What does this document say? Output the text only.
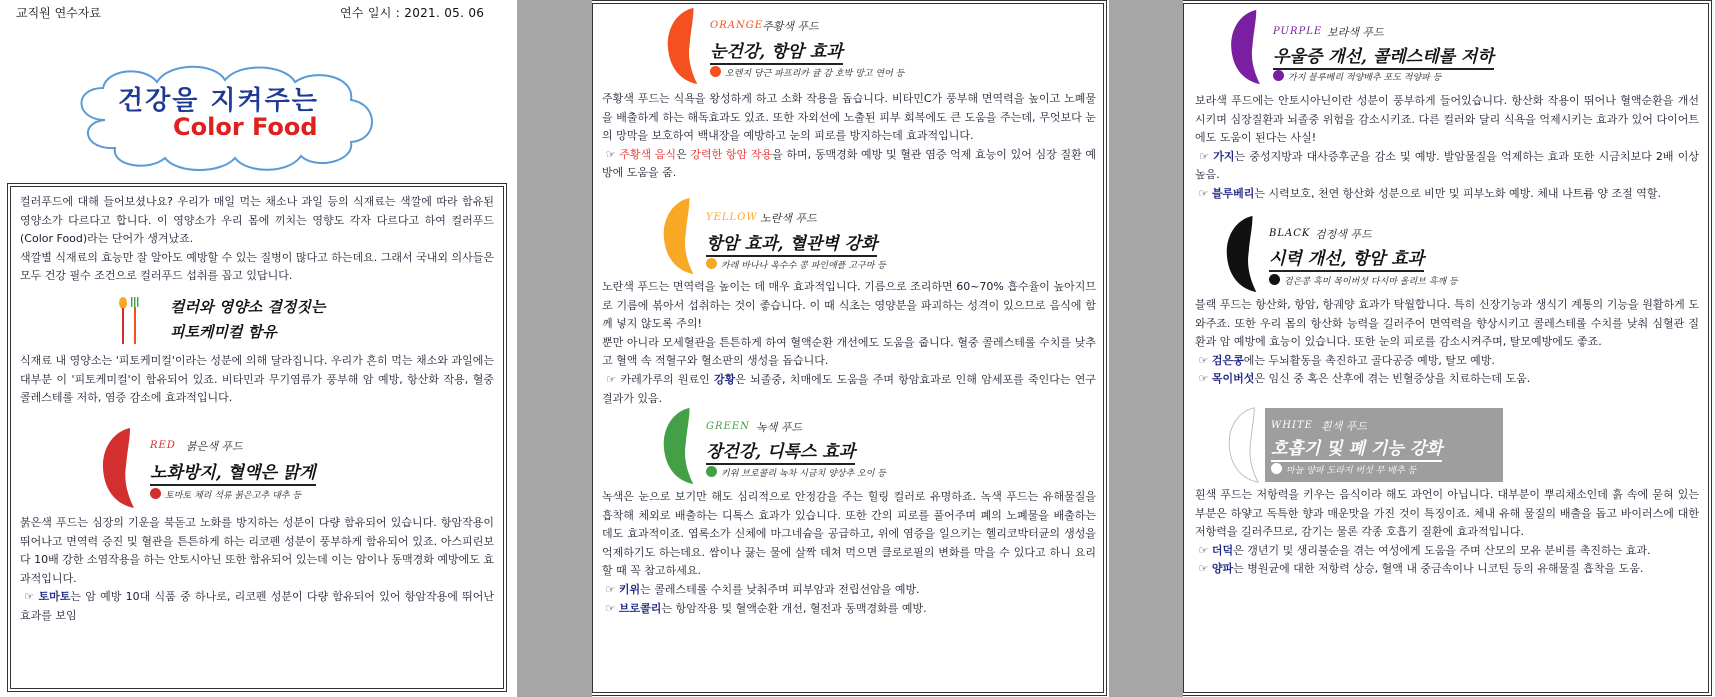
교직원 연수자료	연수 일시 : 2021. 05. 06
건강을 지켜주는
Color Food

컬러푸드에 대해 들어보셨나요? 우리가 매일 먹는 채소나 과일 등의 식재료는 색깔에 따라 함유된 영양소가 다르다고 합니다. 이 영양소가 우리 몸에 끼치는 영향도 각자 다르다고 하여 컬러푸드(Color Food)라는 단어가 생겨났죠.

색깔별 식재료의 효능만 잘 알아도 예방할 수 있는 질병이 많다고 하는데요. 그래서 국내외 의사들은 모두 건강 필수 조건으로 컬러푸드 섭취를 꼽고 있답니다.

컬러와 영양소 결정짓는
피토케미컬 함유

식재료 내 영양소는 '피토케미컬'이라는 성분에 의해 달라집니다. 우리가 흔히 먹는 채소와 과일에는 대부분 이 '피토케미컬'이 함유되어 있죠. 비타민과 무기염류가 풍부해 암 예방, 항산화 작용, 혈중 콜레스테롤 저하, 염증 감소에 효과적입니다.

RED 붉은색 푸드
노화방지, 혈액은 맑게
토마토 체리 석류 붉은고추 대추 등

붉은색 푸드는 심장의 기운을 북돋고 노화를 방지하는 성분이 다량 함유되어 있습니다. 항암작용이 뛰어나고 면역력 증진 및 혈관을 튼튼하게 하는 리코펜 성분이 풍부하게 함유되어 있죠. 아스피린보다 10배 강한 소염작용을 하는 안토시아닌 또한 함유되어 있는데 이는 암이나 동맥경화 예방에도 효과적입니다.

☞ 토마토는 암 예방 10대 식품 중 하나로, 리코펜 성분이 다량 함유되어 있어 항암작용에 뛰어난 효과를 보임

ORANGE 주황색 푸드
눈건강, 항암 효과
오렌지 당근 파프리카 귤 감 호박 망고 연어 등

주황색 푸드는 식욕을 왕성하게 하고 소화 작용을 돕습니다. 비타민C가 풍부해 면역력을 높이고 노폐물을 배출하게 하는 해독효과도 있죠. 또한 자외선에 노출된 피부 회복에도 큰 도움을 주는데, 무엇보다 눈의 망막을 보호하여 백내장을 예방하고 눈의 피로를 방지하는데 효과적입니다.

☞ 주황색 음식은 강력한 항암 작용을 하며, 동맥경화 예방 및 혈관 염증 억제 효능이 있어 심장 질환 예방에 도움을 줌.

YELLOW 노란색 푸드
항암 효과, 혈관벽 강화
카레 바나나 옥수수 콩 파인애플 고구마 등

노란색 푸드는 면역력을 높이는 데 매우 효과적입니다. 기름으로 조리하면 60~70% 흡수율이 높아지므로 기름에 볶아서 섭취하는 것이 좋습니다. 이 때 식초는 영양분을 파괴하는 성격이 있으므로 음식에 함께 넣지 않도록 주의!

뿐만 아니라 모세혈관을 튼튼하게 하여 혈액순환 개선에도 도움을 줍니다. 혈중 콜레스테롤 수치를 낮추고 혈액 속 적혈구와 혈소판의 생성을 돕습니다.

☞ 카레가루의 원료인 강황은 뇌졸중, 치매에도 도움을 주며 항암효과로 인해 암세포를 죽인다는 연구결과가 있음.

GREEN 녹색 푸드
장건강, 디톡스 효과
키위 브로콜리 녹차 시금치 양상추 오이 등

녹색은 눈으로 보기만 해도 심리적으로 안정감을 주는 힐링 컬러로 유명하죠. 녹색 푸드는 유해물질을 흡착해 체외로 배출하는 디톡스 효과가 있습니다. 또한 간의 피로를 풀어주며 폐의 노폐물을 배출하는 데도 효과적이죠. 엽록소가 신체에 마그네슘을 공급하고, 위에 염증을 일으키는 헬리코박터균의 생성을 억제하기도 하는데요. 쌈이나 끓는 물에 살짝 데쳐 먹으면 클로로필의 변화를 막을 수 있다고 하니 요리할 때 꼭 참고하세요.

☞ 키위는 콜레스테롤 수치를 낮춰주며 피부암과 전립선암을 예방.

☞ 브로콜리는 항암작용 및 혈액순환 개선, 혈전과 동맥경화를 예방.

PURPLE 보라색 푸드
우울증 개선, 콜레스테롤 저하
가지 블루베리 적양배추 포도 적양파 등

보라색 푸드에는 안토시아닌이란 성분이 풍부하게 들어있습니다. 항산화 작용이 뛰어나 혈액순환을 개선시키며 심장질환과 뇌졸중 위험을 감소시키죠. 다른 컬러와 달리 식욕을 억제시키는 효과가 있어 다이어트에도 도움이 된다는 사실!

☞ 가지는 중성지방과 대사증후군을 감소 및 예방. 발암물질을 억제하는 효과 또한 시금치보다 2배 이상 높음.

☞ 블루베리는 시력보호, 천연 항산화 성분으로 비만 및 피부노화 예방. 체내 나트륨 양 조절 역할.

BLACK 검정색 푸드
시력 개선, 항암 효과
검은콩 흑미 목이버섯 다시마 올리브 흑깨 등

블랙 푸드는 항산화, 항암, 항궤양 효과가 탁월합니다. 특히 신장기능과 생식기 계통의 기능을 원활하게 도와주죠. 또한 우리 몸의 항산화 능력을 길러주어 면역력을 향상시키고 콜레스테롤 수치를 낮춰 심혈관 질환과 암 예방에 효능이 있습니다. 또한 눈의 피로를 감소시켜주며, 탈모예방에도 좋죠.

☞ 검은콩에는 두뇌활동을 촉진하고 골다공증 예방, 탈모 예방.

☞ 목이버섯은 임신 중 혹은 산후에 겪는 빈혈증상을 치료하는데 도움.

WHITE 흰색 푸드
호흡기 및 폐 기능 강화
마늘 양파 도라지 버섯 무 배추 등

흰색 푸드는 저항력을 키우는 음식이라 해도 과언이 아닙니다. 대부분이 뿌리채소인데 흙 속에 묻혀 있는 부분은 하얗고 독특한 향과 매운맛을 가진 것이 특징이죠. 체내 유해 물질의 배출을 돕고 바이러스에 대한 저항력을 길러주므로, 감기는 물론 각종 호흡기 질환에 효과적입니다.

☞ 더덕은 갱년기 및 생리불순을 겪는 여성에게 도움을 주며 산모의 모유 분비를 촉진하는 효과.

☞ 양파는 병원균에 대한 저항력 상승, 혈액 내 중금속이나 니코틴 등의 유해물질 흡착을 도움.
